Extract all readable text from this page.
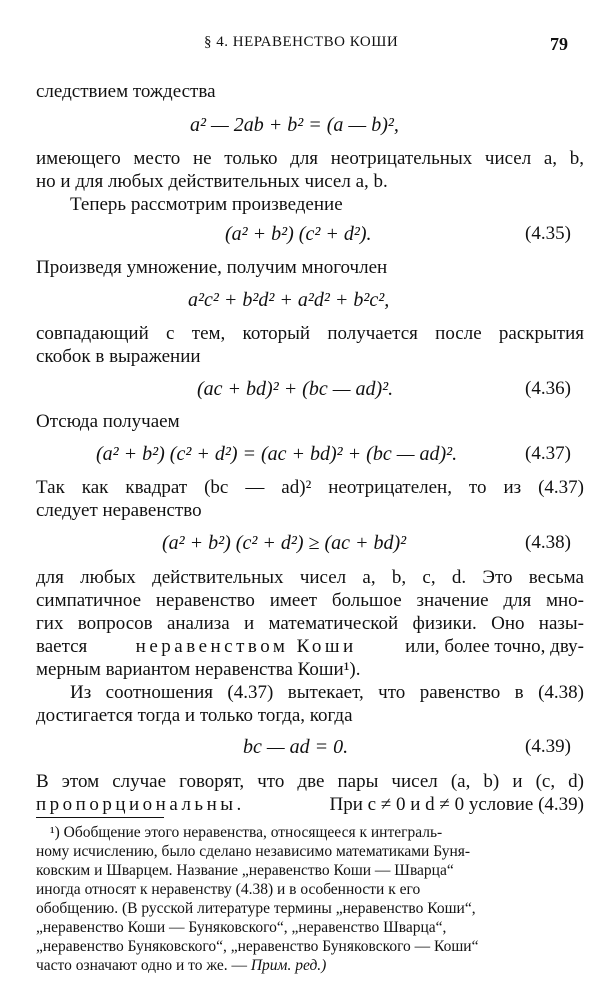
§ 4. НЕРАВЕНСТВО КОШИ	79
следствием тождества
a² — 2ab + b² = (a — b)²,
имеющего место не только для неотрицательных чисел a, b,
но и для любых действительных чисел a, b.
Теперь рассмотрим произведение
(a² + b²) (c² + d²).	(4.35)
Произведя умножение, получим многочлен
a²c² + b²d² + a²d² + b²c²,
совпадающий с тем, который получается после раскрытия
скобок в выражении
(ac + bd)² + (bc — ad)².	(4.36)
Отсюда получаем
(a² + b²) (c² + d²) = (ac + bd)² + (bc — ad)².	(4.37)
Так как квадрат (bc — ad)² неотрицателен, то из (4.37)
следует неравенство
(a² + b²) (c² + d²) ≥ (ac + bd)²	(4.38)
для любых действительных чисел a, b, c, d. Это весьма
симпатичное неравенство имеет большое значение для мно-
гих вопросов анализа и математической физики. Оно назы-
вается	неравенством Коши	или, более точно, дву-
мерным вариантом неравенства Коши¹).
Из соотношения (4.37) вытекает, что равенство в (4.38)
достигается тогда и только тогда, когда
bc — ad = 0.	(4.39)
В этом случае говорят, что две пары чисел (a, b) и (c, d)
пропорциональны.	При c ≠ 0 и d ≠ 0 условие (4.39)
¹) Обобщение этого неравенства, относящееся к интеграль-
ному исчислению, было сделано независимо математиками Буня-
ковским и Шварцем. Название „неравенство Коши — Шварца“
иногда относят к неравенству (4.38) и в особенности к его
обобщению. (В русской литературе термины „неравенство Коши“,
„неравенство Коши — Буняковского“, „неравенство Шварца“,
„неравенство Буняковского“, „неравенство Буняковского — Коши“
часто означают одно и то же. — Прим. ред.)
